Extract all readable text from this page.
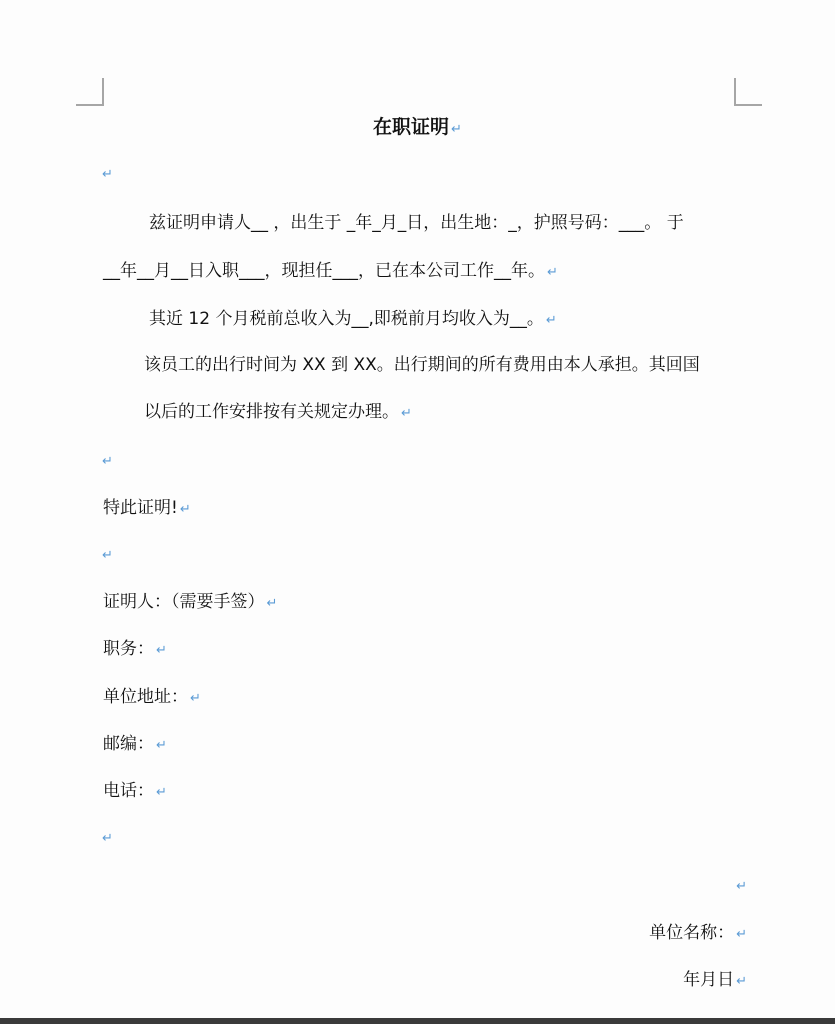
在职证明 ↵
↵
兹证明申请人__ ，出生于 _年_月_日，出生地：_，护照号码：___。 于
__年__月__日入职___，现担任___，已在本公司工作__年。 ↵
其近 12 个月税前总收入为__,即税前月均收入为__。 ↵
该员工的出行时间为 XX 到 XX。出行期间的所有费用由本人承担。其回国
以后的工作安排按有关规定办理。 ↵
↵
特此证明! ↵
↵
证明人：（需要手签） ↵
职务： ↵
单位地址： ↵
邮编： ↵
电话： ↵
↵
↵
单位名称： ↵
年月日 ↵
